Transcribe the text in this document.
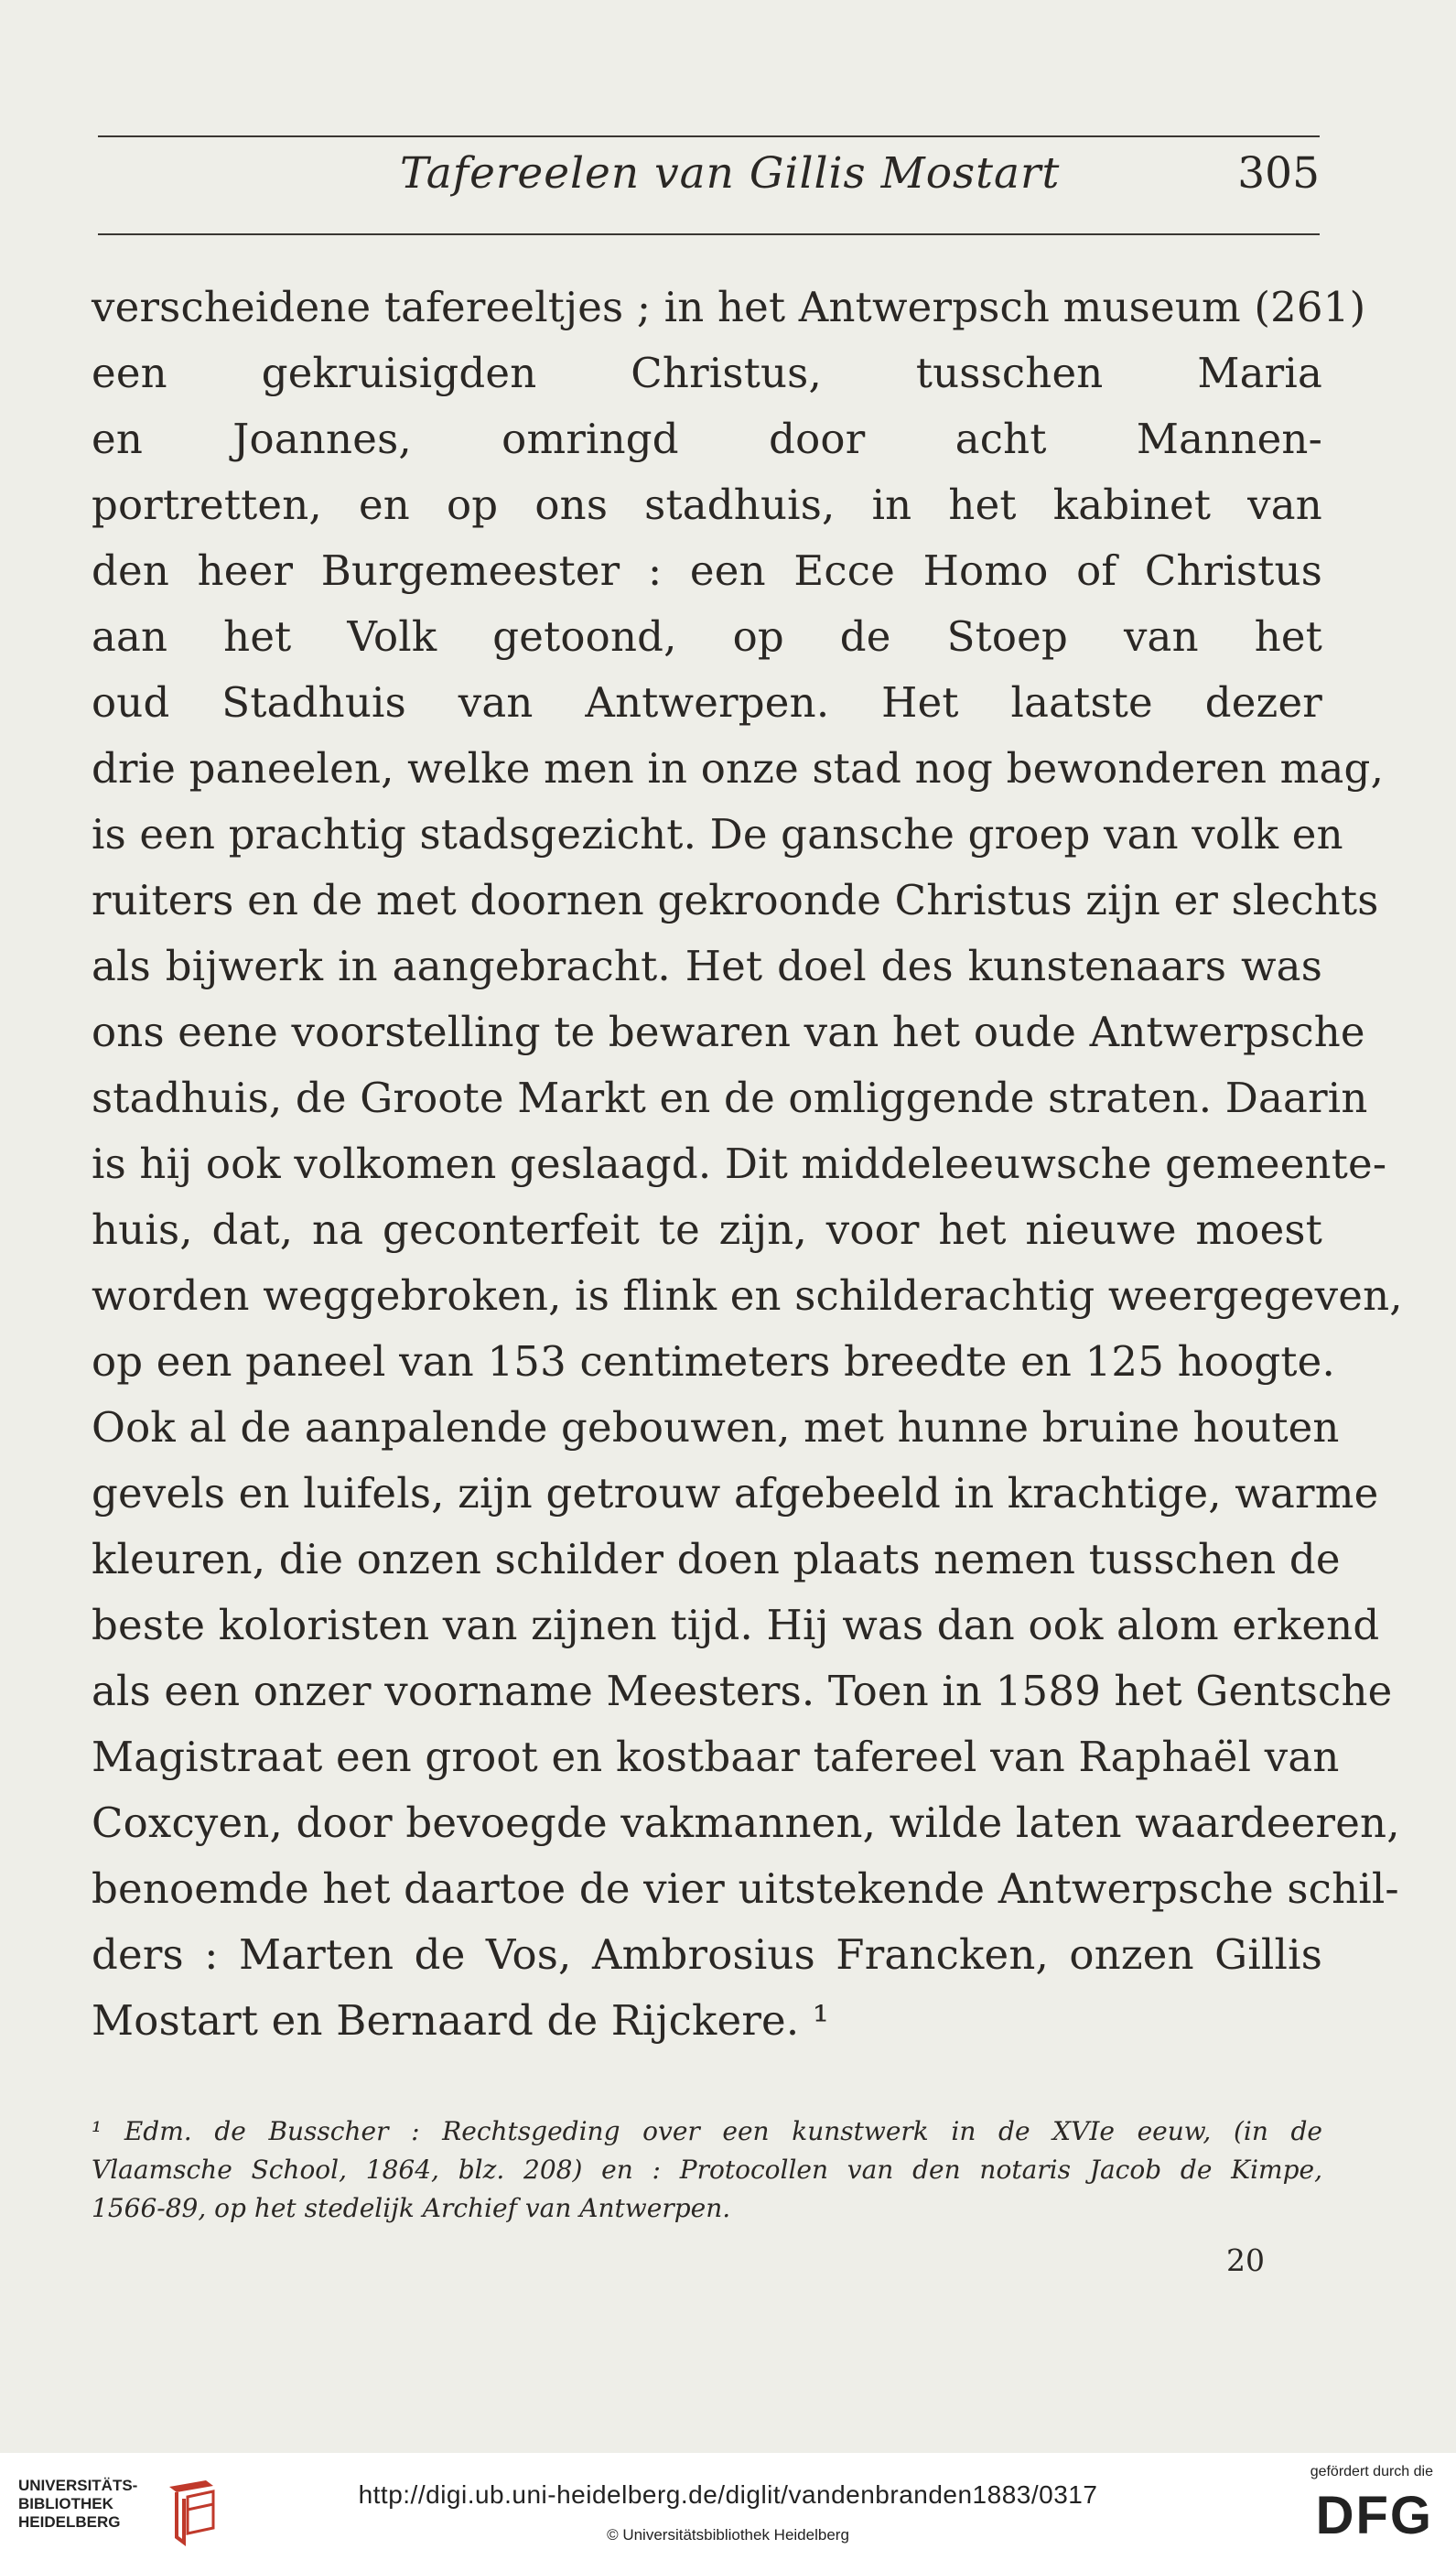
Tafereelen van Gillis Mostart	305
verscheidene tafereeltjes ; in het Antwerpsch museum (261)
een gekruisigden Christus, tusschen Maria
en Joannes, omringd door acht Mannen-
portretten, en op ons stadhuis, in het kabinet van
den heer Burgemeester : een Ecce Homo of Christus
aan het Volk getoond, op de Stoep van het
oud Stadhuis van Antwerpen. Het laatste dezer
drie paneelen, welke men in onze stad nog bewonderen mag,
is een prachtig stadsgezicht. De gansche groep van volk en
ruiters en de met doornen gekroonde Christus zijn er slechts
als bijwerk in aangebracht. Het doel des kunstenaars was
ons eene voorstelling te bewaren van het oude Antwerpsche
stadhuis, de Groote Markt en de omliggende straten. Daarin
is hij ook volkomen geslaagd. Dit middeleeuwsche gemeente-
huis, dat, na geconterfeit te zijn, voor het nieuwe moest
worden weggebroken, is flink en schilderachtig weergegeven,
op een paneel van 153 centimeters breedte en 125 hoogte.
Ook al de aanpalende gebouwen, met hunne bruine houten
gevels en luifels, zijn getrouw afgebeeld in krachtige, warme
kleuren, die onzen schilder doen plaats nemen tusschen de
beste koloristen van zijnen tijd. Hij was dan ook alom erkend
als een onzer voorname Meesters. Toen in 1589 het Gentsche
Magistraat een groot en kostbaar tafereel van Raphaël van
Coxcyen, door bevoegde vakmannen, wilde laten waardeeren,
benoemde het daartoe de vier uitstekende Antwerpsche schil-
ders : Marten de Vos, Ambrosius Francken, onzen Gillis
Mostart en Bernaard de Rijckere. ¹
¹ Edm. de Busscher : Rechtsgeding over een kunstwerk in de XVIe eeuw, (in de
Vlaamsche School, 1864, blz. 208) en : Protocollen van den notaris Jacob de Kimpe,
1566-89, op het stedelijk Archief van Antwerpen.
20
UNIVERSITÄTS-
BIBLIOTHEK
HEIDELBERG
http://digi.ub.uni-heidelberg.de/diglit/vandenbranden1883/0317
© Universitätsbibliothek Heidelberg
gefördert durch die
DFG
